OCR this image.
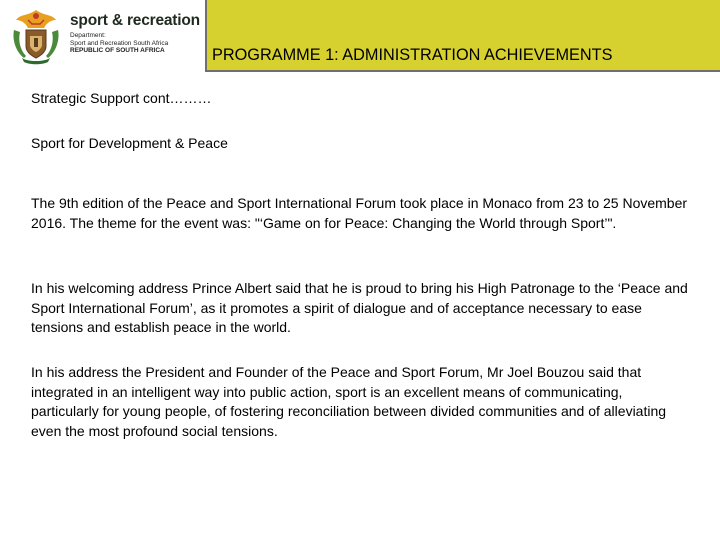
sport & recreation
Department:
Sport and Recreation South Africa
REPUBLIC OF SOUTH AFRICA	PROGRAMME 1: ADMINISTRATION ACHIEVEMENTS
Strategic Support cont………
Sport for Development & Peace

The 9th edition of the Peace and Sport International Forum took place in Monaco from 23 to 25 November 2016. The theme for the event was: "‘Game on for Peace: Changing the World through Sport’".

In his welcoming address Prince Albert said that he is proud to bring his High Patronage to the ‘Peace and Sport International Forum’, as it promotes a spirit of dialogue and of acceptance necessary to ease tensions and establish peace in the world.

In his address the President and Founder of the Peace and Sport Forum, Mr Joel Bouzou said that integrated in an intelligent way into public action, sport is an excellent means of communicating, particularly for young people, of fostering reconciliation between divided communities and of alleviating even the most profound social tensions.
